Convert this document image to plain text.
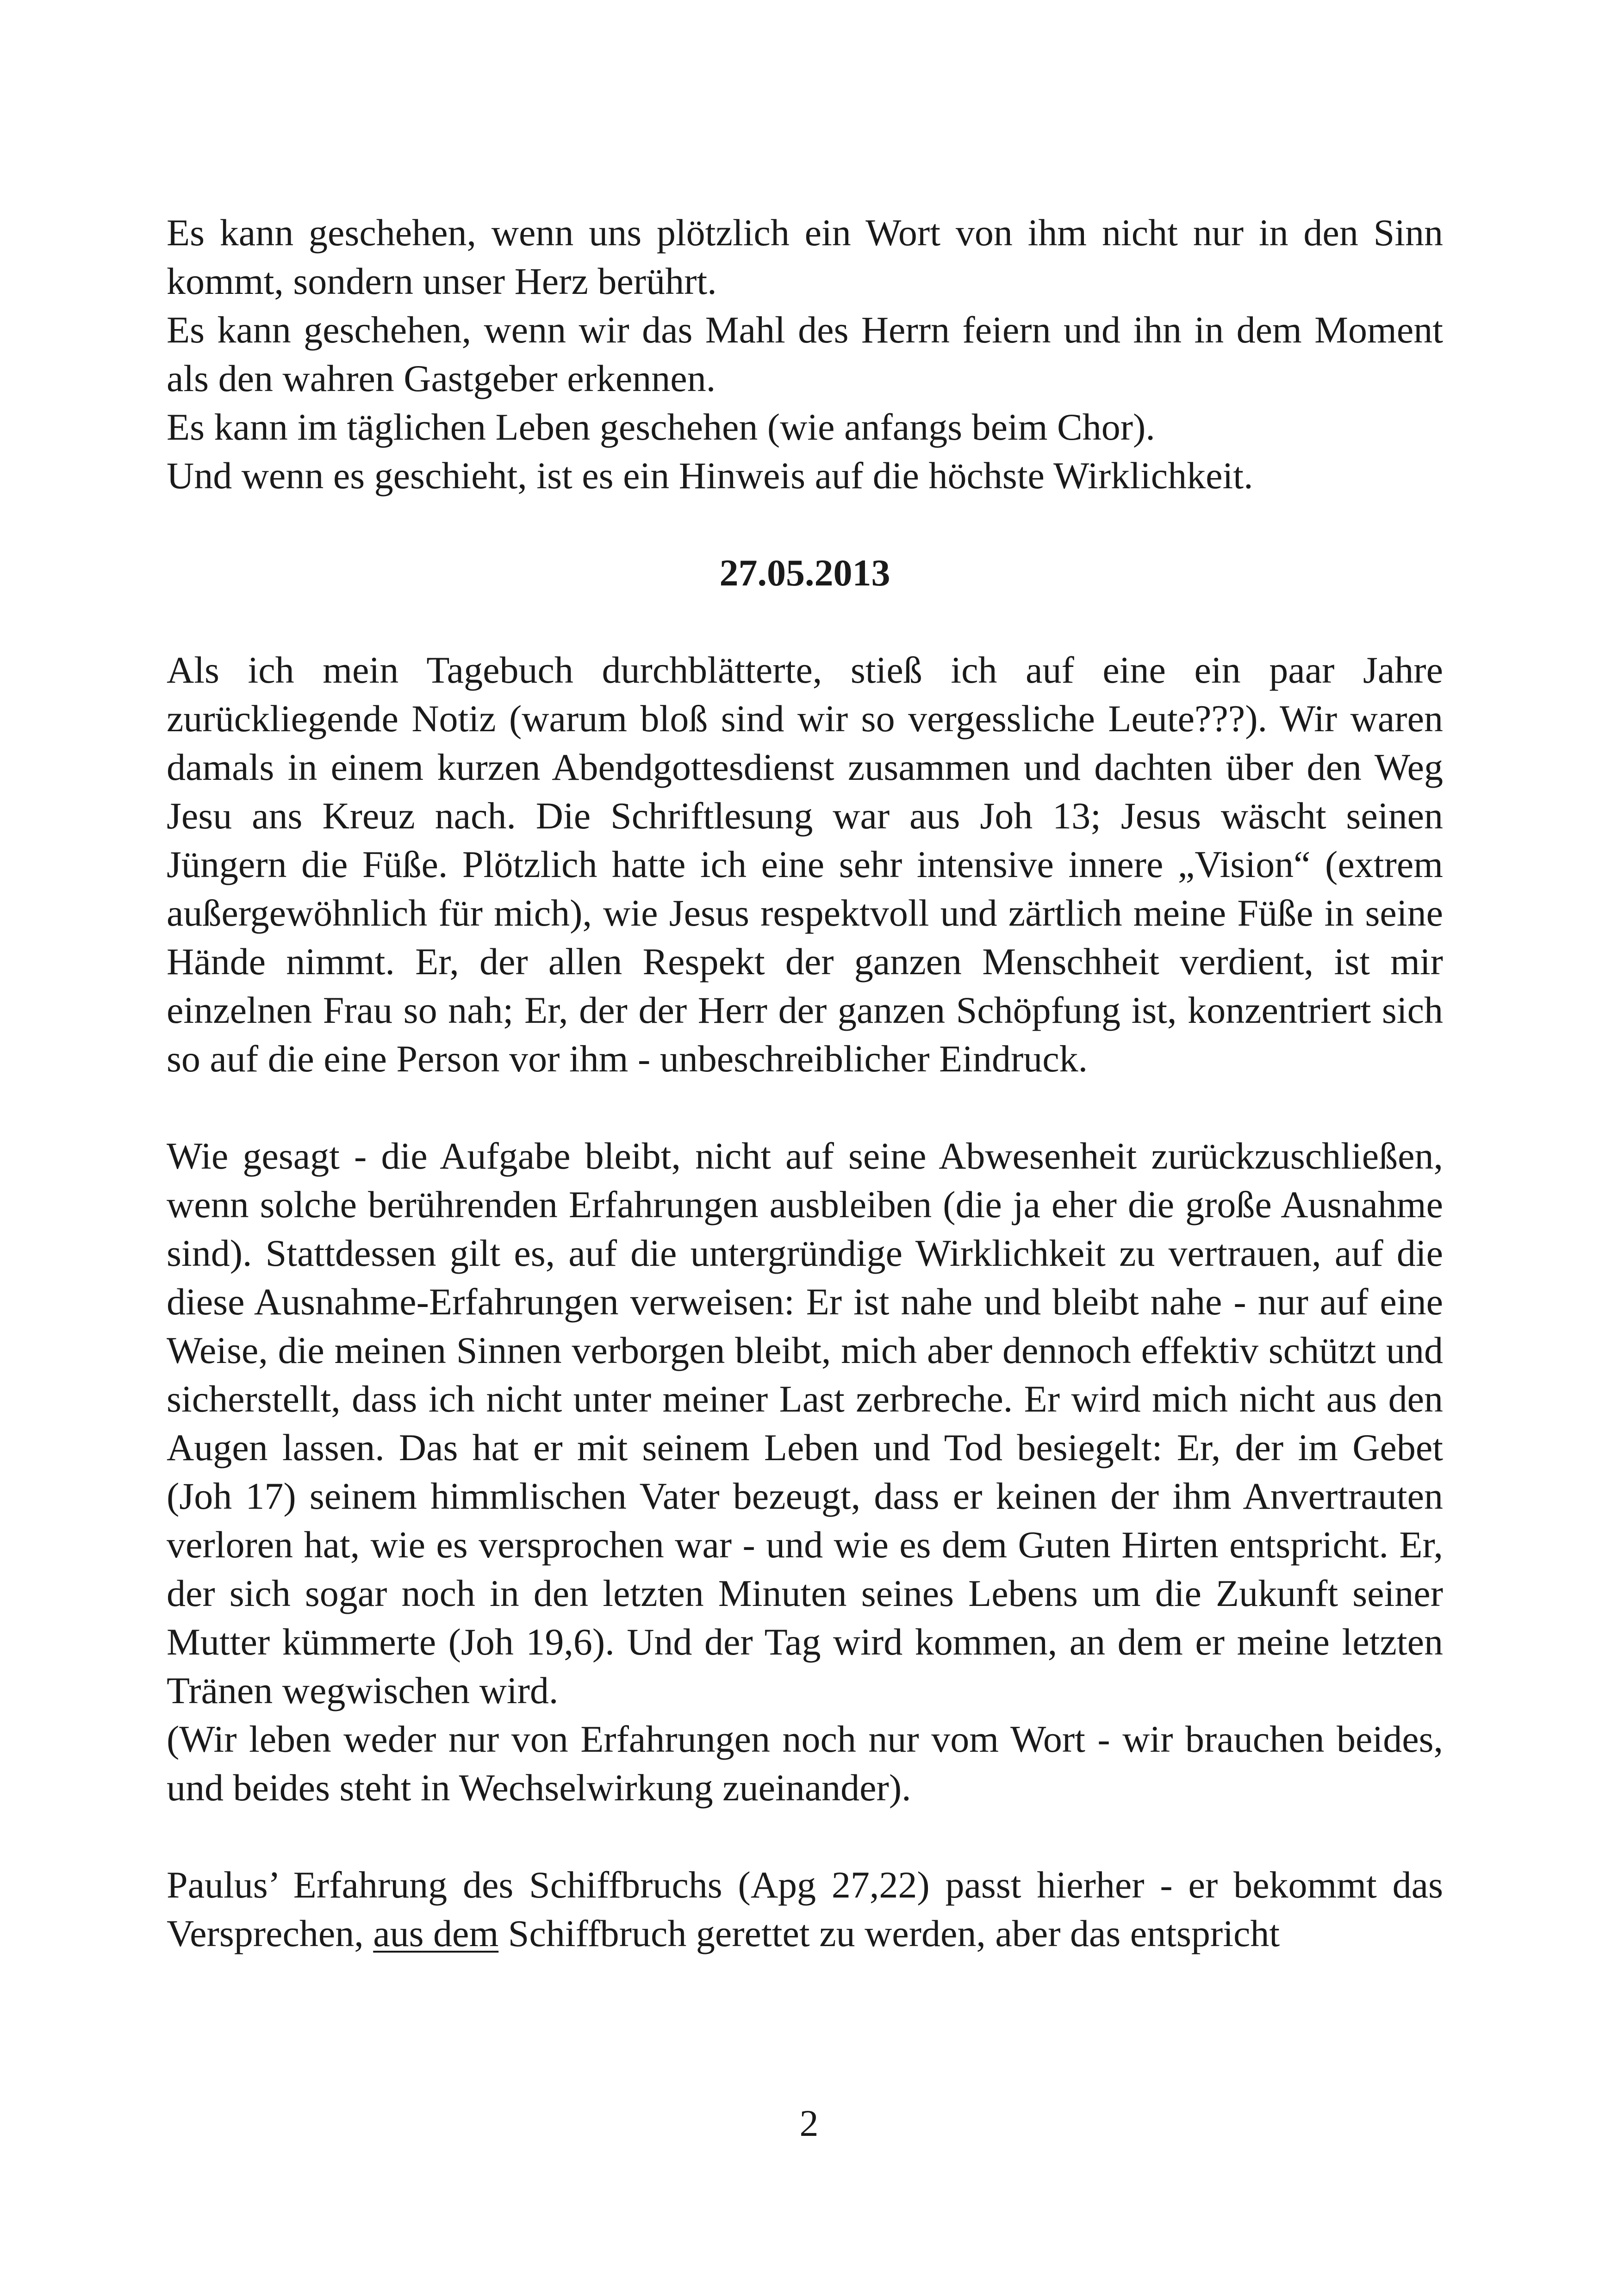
Es kann geschehen, wenn uns plötzlich ein Wort von ihm nicht nur in den Sinn kommt, sondern unser Herz berührt.

Es kann geschehen, wenn wir das Mahl des Herrn feiern und ihn in dem Moment als den wahren Gastgeber erkennen.

Es kann im täglichen Leben geschehen (wie anfangs beim Chor).

Und wenn es geschieht, ist es ein Hinweis auf die höchste Wirklichkeit.

27.05.2013

Als ich mein Tagebuch durchblätterte, stieß ich auf eine ein paar Jahre zurückliegende Notiz (warum bloß sind wir so vergessliche Leute???). Wir waren damals in einem kurzen Abendgottesdienst zusammen und dachten über den Weg Jesu ans Kreuz nach. Die Schriftlesung war aus Joh 13; Jesus wäscht seinen Jüngern die Füße. Plötzlich hatte ich eine sehr intensive innere „Vision“ (extrem außergewöhnlich für mich), wie Jesus respektvoll und zärtlich meine Füße in seine Hände nimmt. Er, der allen Respekt der ganzen Menschheit verdient, ist mir einzelnen Frau so nah; Er, der der Herr der ganzen Schöpfung ist, konzentriert sich so auf die eine Person vor ihm - unbeschreiblicher Eindruck.

Wie gesagt - die Aufgabe bleibt, nicht auf seine Abwesenheit zurückzuschließen, wenn solche berührenden Erfahrungen ausbleiben (die ja eher die große Ausnahme sind). Stattdessen gilt es, auf die untergründige Wirklichkeit zu vertrauen, auf die diese Ausnahme-Erfahrungen verweisen: Er ist nahe und bleibt nahe - nur auf eine Weise, die meinen Sinnen verborgen bleibt, mich aber dennoch effektiv schützt und sicherstellt, dass ich nicht unter meiner Last zerbreche. Er wird mich nicht aus den Augen lassen. Das hat er mit seinem Leben und Tod besiegelt: Er, der im Gebet (Joh 17) seinem himmlischen Vater bezeugt, dass er keinen der ihm Anvertrauten verloren hat, wie es versprochen war - und wie es dem Guten Hirten entspricht. Er, der sich sogar noch in den letzten Minuten seines Lebens um die Zukunft seiner Mutter kümmerte (Joh 19,6). Und der Tag wird kommen, an dem er meine letzten Tränen wegwischen wird.

(Wir leben weder nur von Erfahrungen noch nur vom Wort - wir brauchen beides, und beides steht in Wechselwirkung zueinander).

Paulus’ Erfahrung des Schiffbruchs (Apg 27,22) passt hierher - er bekommt das Versprechen, aus dem Schiffbruch gerettet zu werden, aber das entspricht

2
